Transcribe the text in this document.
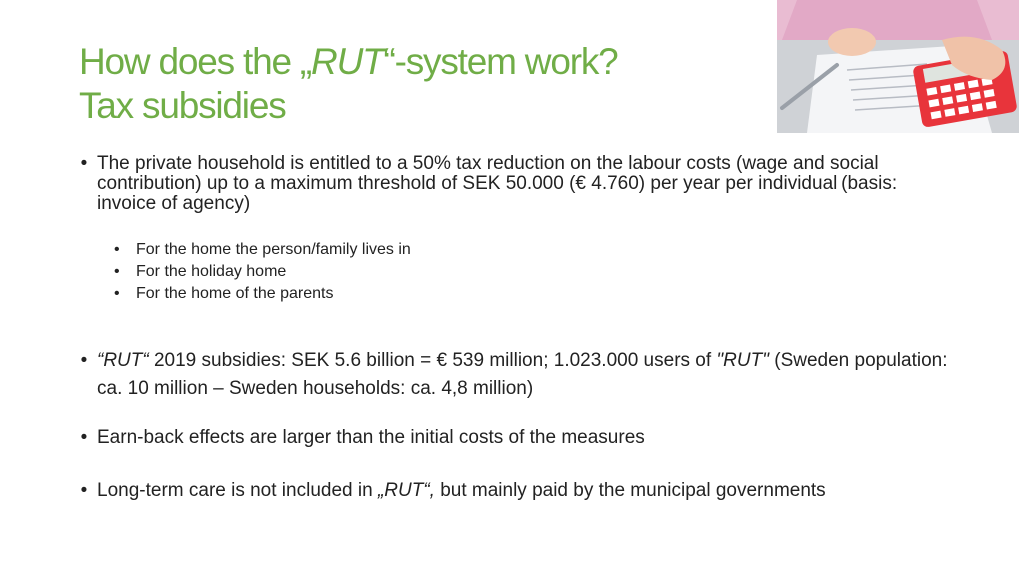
How does the „RUT“-system work?
Tax subsidies
• The private household is entitled to a 50% tax reduction on the labour costs (wage and social contribution) up to a maximum threshold of SEK 50.000 (€ 4.760) per year per individual (basis: invoice of agency)
• For the home the person/family lives in
• For the holiday home
• For the home of the parents
• “RUT“ 2019 subsidies: SEK 5.6 billion = € 539 million; 1.023.000 users of "RUT" (Sweden population: ca. 10 million – Sweden households: ca. 4,8 million)
• Earn-back effects are larger than the initial costs of the measures
• Long-term care is not included in „RUT“, but mainly paid by the municipal governments
